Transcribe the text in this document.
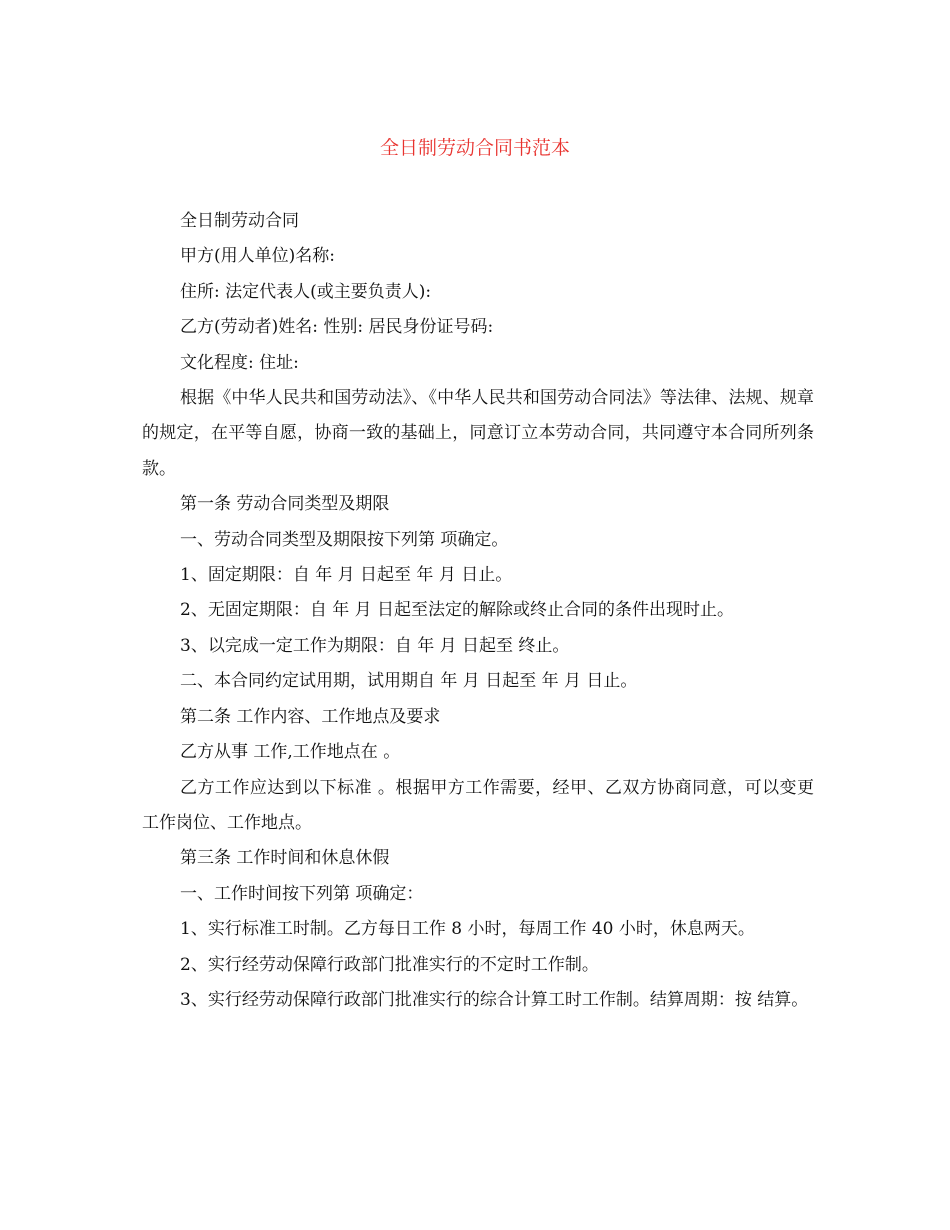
全日制劳动合同书范本

全日制劳动合同

甲方(用人单位)名称:

住所: 法定代表人(或主要负责人):

乙方(劳动者)姓名: 性别: 居民身份证号码:

文化程度: 住址:

根据《中华人民共和国劳动法》、《中华人民共和国劳动合同法》等法律、法规、规章的规定，在平等自愿，协商一致的基础上，同意订立本劳动合同，共同遵守本合同所列条款。

第一条 劳动合同类型及期限

一、劳动合同类型及期限按下列第 项确定。

1、固定期限：自 年 月 日起至 年 月 日止。

2、无固定期限：自 年 月 日起至法定的解除或终止合同的条件出现时止。

3、以完成一定工作为期限：自 年 月 日起至 终止。

二、本合同约定试用期，试用期自 年 月 日起至 年 月 日止。

第二条 工作内容、工作地点及要求

乙方从事 工作,工作地点在 。

乙方工作应达到以下标准 。根据甲方工作需要，经甲、乙双方协商同意，可以变更工作岗位、工作地点。

第三条 工作时间和休息休假

一、工作时间按下列第 项确定：

1、实行标准工时制。乙方每日工作 8 小时，每周工作 40 小时，休息两天。

2、实行经劳动保障行政部门批准实行的不定时工作制。

3、实行经劳动保障行政部门批准实行的综合计算工时工作制。结算周期：按 结算。
